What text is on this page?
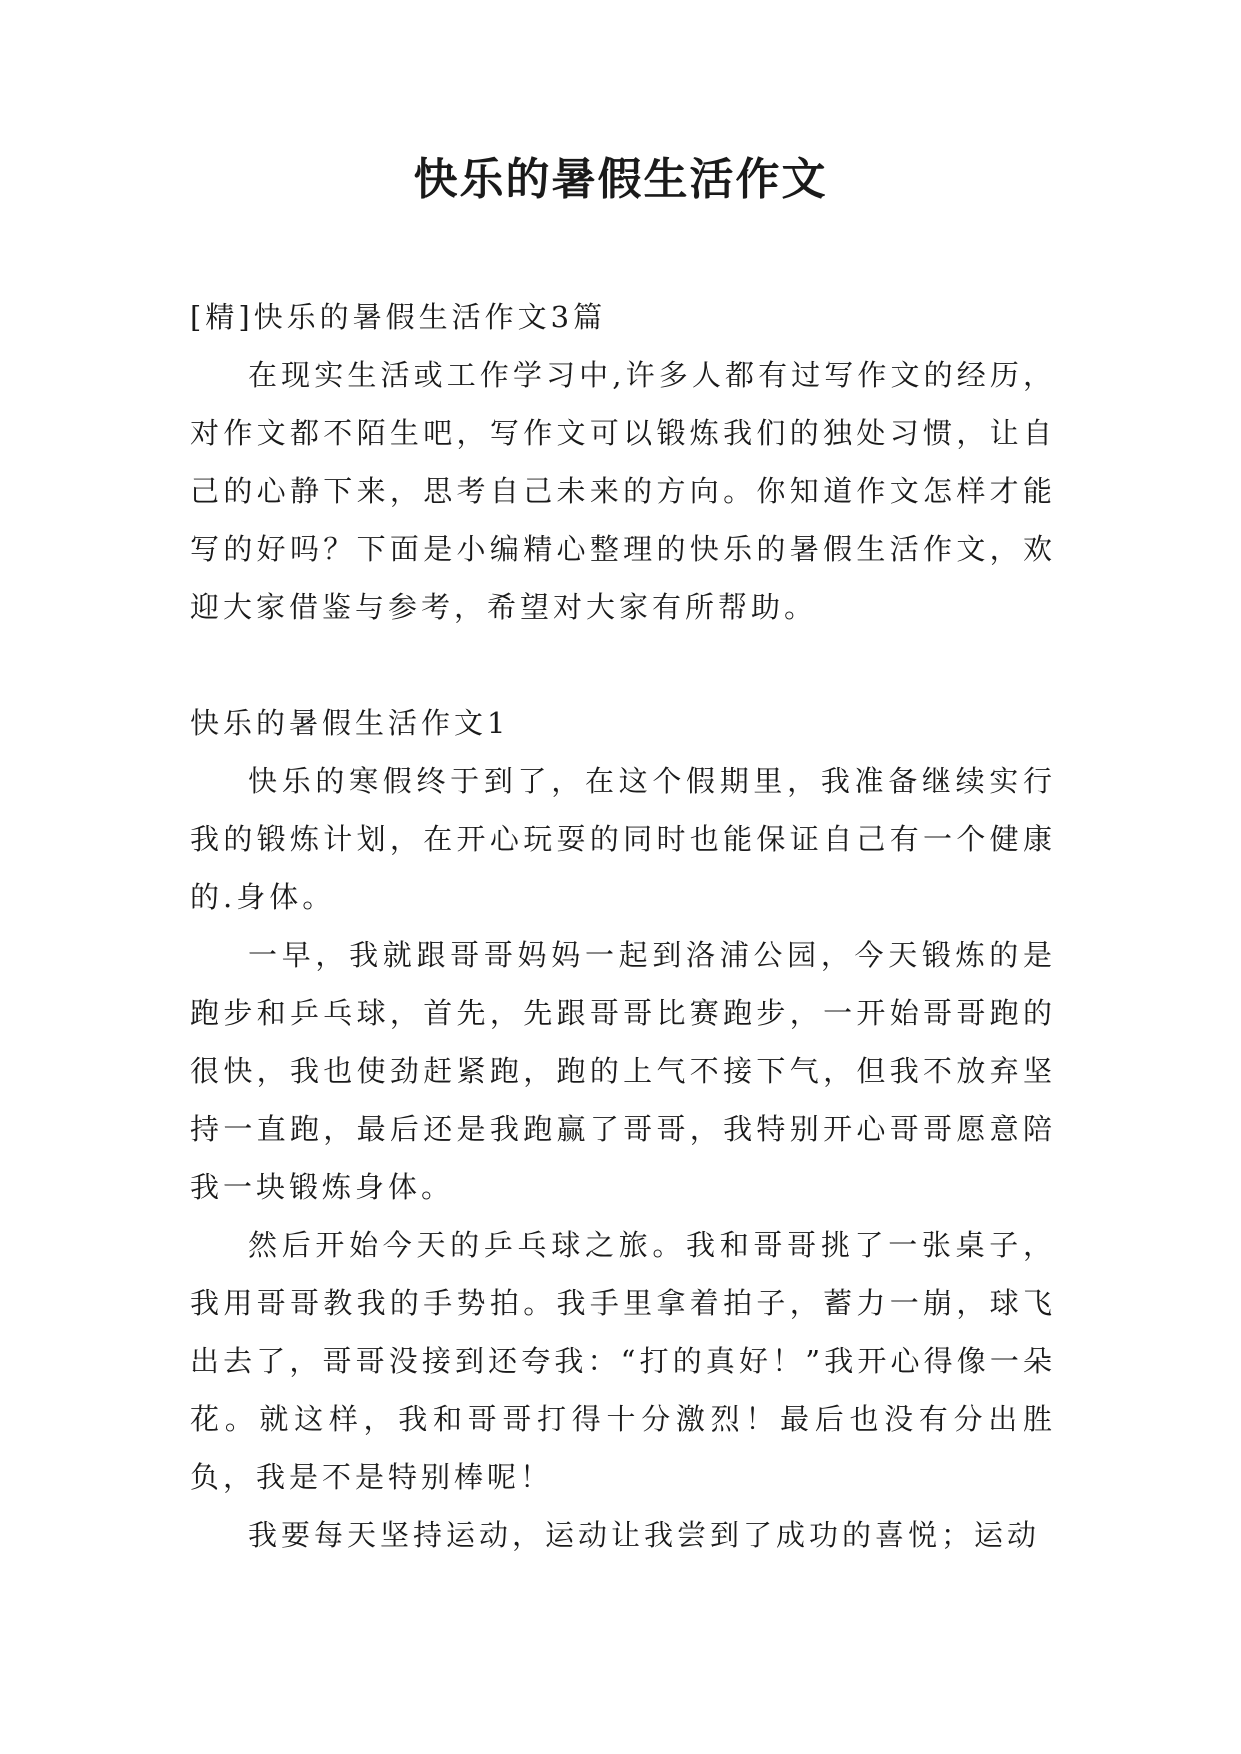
快乐的暑假生活作文

[精]快乐的暑假生活作文3篇

在现实生活或工作学习中,许多人都有过写作文的经历，对作文都不陌生吧，写作文可以锻炼我们的独处习惯，让自己的心静下来，思考自己未来的方向。你知道作文怎样才能写的好吗？下面是小编精心整理的快乐的暑假生活作文，欢迎大家借鉴与参考，希望对大家有所帮助。

快乐的暑假生活作文1

快乐的寒假终于到了，在这个假期里，我准备继续实行我的锻炼计划，在开心玩耍的同时也能保证自己有一个健康的.身体。

一早，我就跟哥哥妈妈一起到洛浦公园，今天锻炼的是跑步和乒乓球，首先，先跟哥哥比赛跑步，一开始哥哥跑的很快，我也使劲赶紧跑，跑的上气不接下气，但我不放弃坚持一直跑，最后还是我跑赢了哥哥，我特别开心哥哥愿意陪我一块锻炼身体。

然后开始今天的乒乓球之旅。我和哥哥挑了一张桌子，我用哥哥教我的手势拍。我手里拿着拍子，蓄力一崩，球飞出去了，哥哥没接到还夸我：“打的真好！”我开心得像一朵花。就这样，我和哥哥打得十分激烈！最后也没有分出胜负，我是不是特别棒呢！

我要每天坚持运动，运动让我尝到了成功的喜悦；运动
